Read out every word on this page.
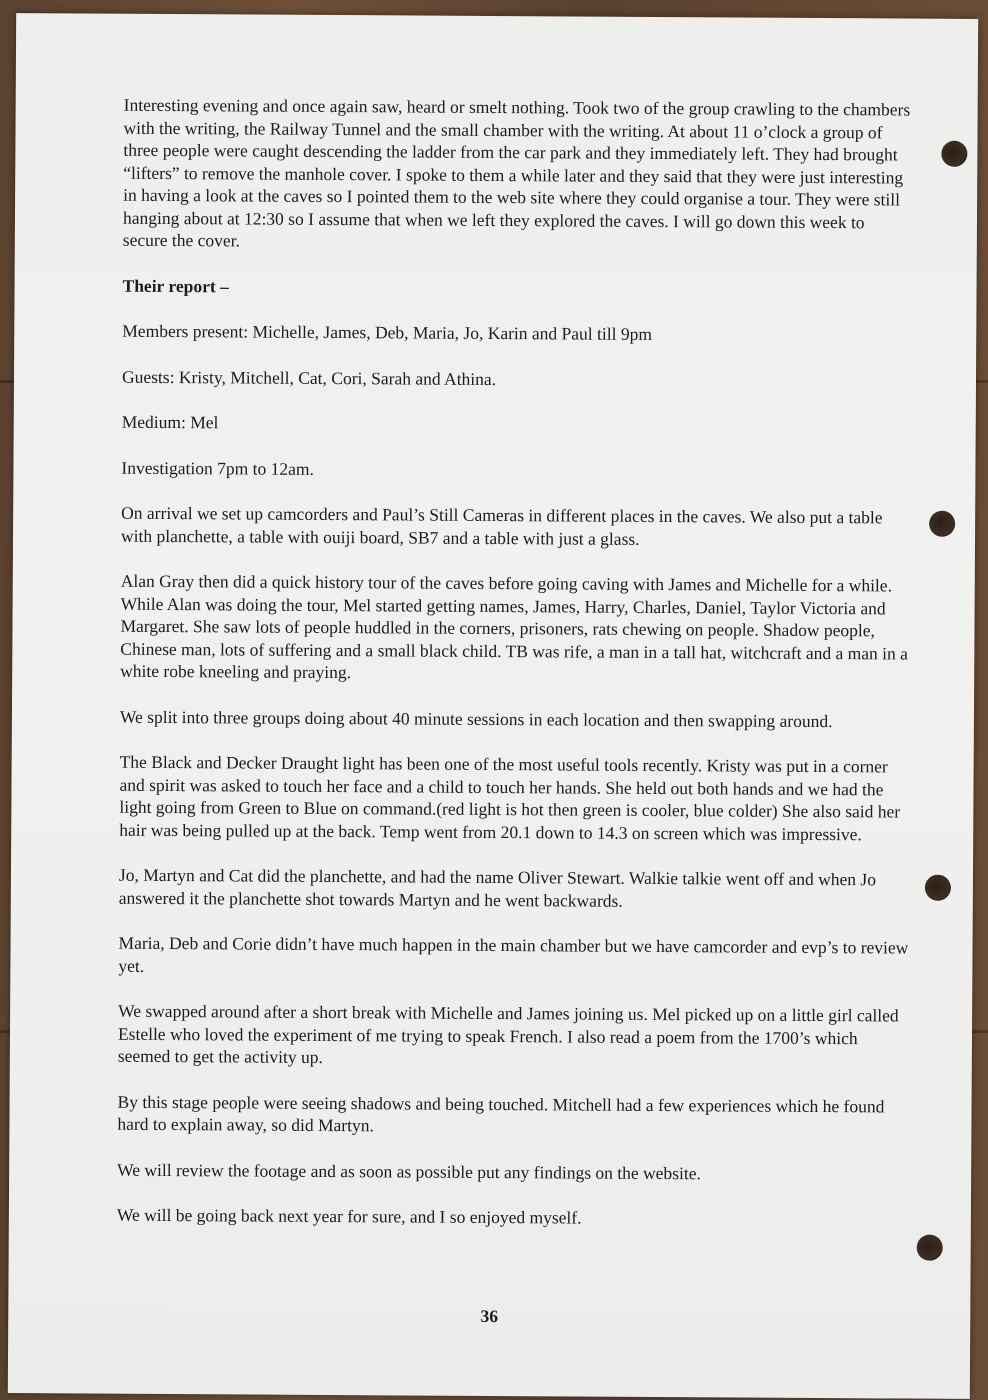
Interesting evening and once again saw, heard or smelt nothing. Took two of the group crawling to the chambers with the writing, the Railway Tunnel and the small chamber with the writing. At about 11 o’clock a group of three people were caught descending the ladder from the car park and they immediately left. They had brought “lifters” to remove the manhole cover. I spoke to them a while later and they said that they were just interesting in having a look at the caves so I pointed them to the web site where they could organise a tour. They were still hanging about at 12:30 so I assume that when we left they explored the caves. I will go down this week to secure the cover.

Their report –

Members present: Michelle, James, Deb, Maria, Jo, Karin and Paul till 9pm

Guests: Kristy, Mitchell, Cat, Cori, Sarah and Athina.

Medium: Mel

Investigation 7pm to 12am.

On arrival we set up camcorders and Paul’s Still Cameras in different places in the caves. We also put a table with planchette, a table with ouiji board, SB7 and a table with just a glass.

Alan Gray then did a quick history tour of the caves before going caving with James and Michelle for a while. While Alan was doing the tour, Mel started getting names, James, Harry, Charles, Daniel, Taylor Victoria and Margaret. She saw lots of people huddled in the corners, prisoners, rats chewing on people. Shadow people, Chinese man, lots of suffering and a small black child. TB was rife, a man in a tall hat, witchcraft and a man in a white robe kneeling and praying.

We split into three groups doing about 40 minute sessions in each location and then swapping around.

The Black and Decker Draught light has been one of the most useful tools recently. Kristy was put in a corner and spirit was asked to touch her face and a child to touch her hands. She held out both hands and we had the light going from Green to Blue on command.(red light is hot then green is cooler, blue colder) She also said her hair was being pulled up at the back. Temp went from 20.1 down to 14.3 on screen which was impressive.

Jo, Martyn and Cat did the planchette, and had the name Oliver Stewart. Walkie talkie went off and when Jo answered it the planchette shot towards Martyn and he went backwards.

Maria, Deb and Corie didn’t have much happen in the main chamber but we have camcorder and evp’s to review yet.

We swapped around after a short break with Michelle and James joining us. Mel picked up on a little girl called Estelle who loved the experiment of me trying to speak French. I also read a poem from the 1700’s which seemed to get the activity up.

By this stage people were seeing shadows and being touched. Mitchell had a few experiences which he found hard to explain away, so did Martyn.

We will review the footage and as soon as possible put any findings on the website.

We will be going back next year for sure, and I so enjoyed myself.

36
